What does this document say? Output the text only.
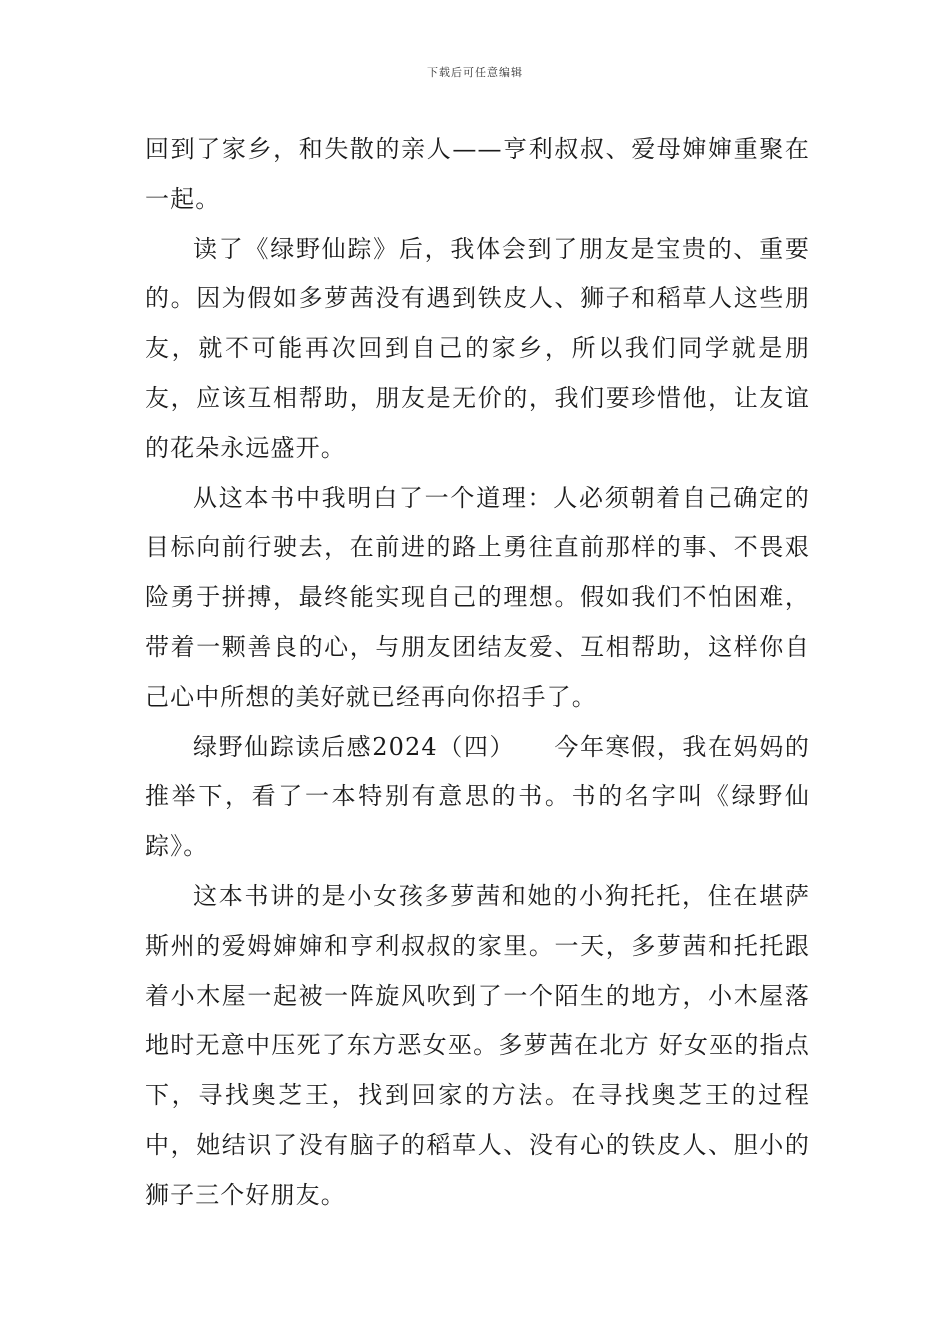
下载后可任意编辑

回到了家乡，和失散的亲人——亨利叔叔、爱母婶婶重聚在一起。

读了《绿野仙踪》后，我体会到了朋友是宝贵的、重要的。因为假如多萝茜没有遇到铁皮人、狮子和稻草人这些朋友，就不可能再次回到自己的家乡，所以我们同学就是朋友，应该互相帮助，朋友是无价的，我们要珍惜他，让友谊的花朵永远盛开。

从这本书中我明白了一个道理：人必须朝着自己确定的目标向前行驶去，在前进的路上勇往直前那样的事、不畏艰险勇于拼搏，最终能实现自己的理想。假如我们不怕困难，带着一颗善良的心，与朋友团结友爱、互相帮助，这样你自己心中所想的美好就已经再向你招手了。

绿野仙踪读后感2024（四）　　今年寒假，我在妈妈的推举下，看了一本特别有意思的书。书的名字叫《绿野仙踪》。

这本书讲的是小女孩多萝茜和她的小狗托托，住在堪萨斯州的爱姆婶婶和亨利叔叔的家里。一天，多萝茜和托托跟着小木屋一起被一阵旋风吹到了一个陌生的地方，小木屋落地时无意中压死了东方恶女巫。多萝茜在北方 好女巫的指点下，寻找奥芝王，找到回家的方法。在寻找奥芝王的过程中，她结识了没有脑子的稻草人、没有心的铁皮人、胆小的狮子三个好朋友。
